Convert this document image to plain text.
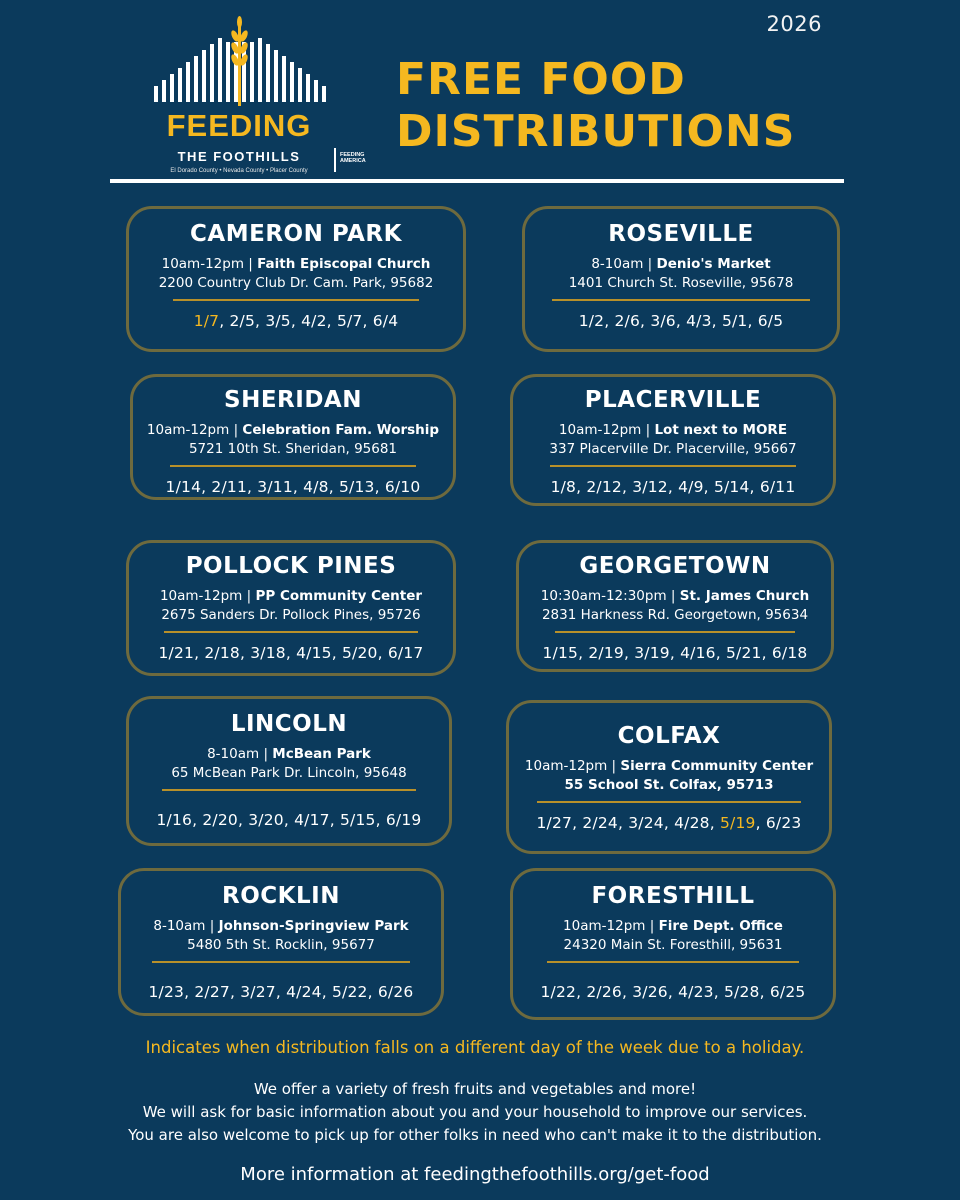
2026
FEEDING
THE FOOTHILLS
El Dorado County • Nevada County • Placer County
FEEDING
AMERICA
FREE FOOD
DISTRIBUTIONS
CAMERON PARK
10am-12pm | Faith Episcopal Church
2200 Country Club Dr. Cam. Park, 95682
1/7, 2/5, 3/5, 4/2, 5/7, 6/4
ROSEVILLE
8-10am | Denio's Market
1401 Church St. Roseville, 95678
1/2, 2/6, 3/6, 4/3, 5/1, 6/5
SHERIDAN
10am-12pm | Celebration Fam. Worship
5721 10th St. Sheridan, 95681
1/14, 2/11, 3/11, 4/8, 5/13, 6/10
PLACERVILLE
10am-12pm | Lot next to MORE
337 Placerville Dr. Placerville, 95667
1/8, 2/12, 3/12, 4/9, 5/14, 6/11
POLLOCK PINES
10am-12pm | PP Community Center
2675 Sanders Dr. Pollock Pines, 95726
1/21, 2/18, 3/18, 4/15, 5/20, 6/17
GEORGETOWN
10:30am-12:30pm | St. James Church
2831 Harkness Rd. Georgetown, 95634
1/15, 2/19, 3/19, 4/16, 5/21, 6/18
LINCOLN
8-10am | McBean Park
65 McBean Park Dr. Lincoln, 95648
1/16, 2/20, 3/20, 4/17, 5/15, 6/19
COLFAX
10am-12pm | Sierra Community Center
55 School St. Colfax, 95713
1/27, 2/24, 3/24, 4/28, 5/19, 6/23
ROCKLIN
8-10am | Johnson-Springview Park
5480 5th St. Rocklin, 95677
1/23, 2/27, 3/27, 4/24, 5/22, 6/26
FORESTHILL
10am-12pm | Fire Dept. Office
24320 Main St. Foresthill, 95631
1/22, 2/26, 3/26, 4/23, 5/28, 6/25
Indicates when distribution falls on a different day of the week due to a holiday.
We offer a variety of fresh fruits and vegetables and more!
We will ask for basic information about you and your household to improve our services.
You are also welcome to pick up for other folks in need who can't make it to the distribution.
More information at feedingthefoothills.org/get-food
